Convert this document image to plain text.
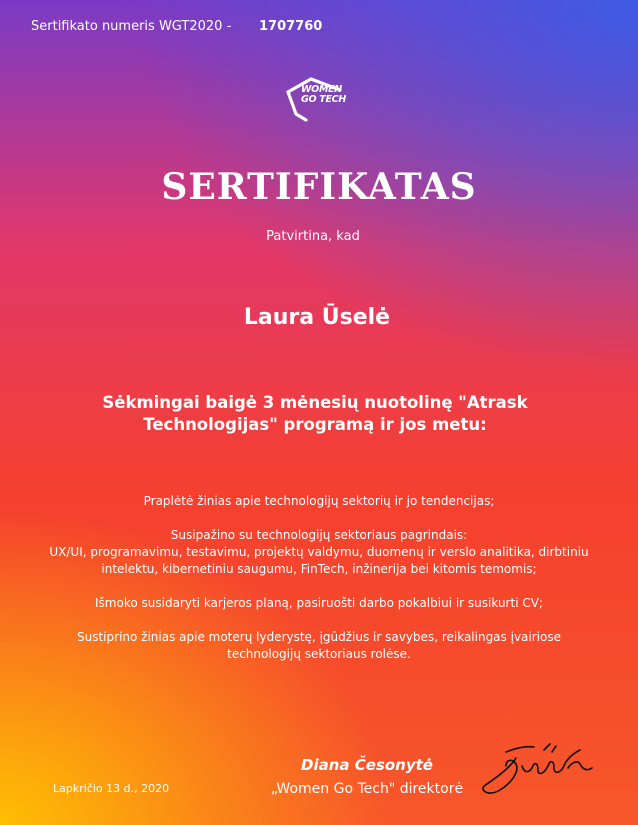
Sertifikato numeris WGT2020 - 1707760
WOMEN
GO TECH
SERTIFIKATAS
Patvirtina, kad
Laura Ūselė
Sėkmingai baigė 3 mėnesių nuotolinę "Atrask Technologijas" programą ir jos metu:

Praplėtė žinias apie technologijų sektorių ir jo tendencijas;

Susipažino su technologijų sektoriaus pagrindais:

UX/UI, programavimu, testavimu, projektų valdymu, duomenų ir verslo analitika, dirbtiniu intelektu, kibernetiniu saugumu, FinTech, inžinerija bei kitomis temomis;

Išmoko susidaryti karjeros planą, pasiruošti darbo pokalbiui ir susikurti CV;

Sustiprino žinias apie moterų lyderystę, įgūdžius ir savybes, reikalingas įvairiose technologijų sektoriaus rolėse.

Lapkričio 13 d., 2020
Diana Česonytė
„Women Go Tech" direktorė
